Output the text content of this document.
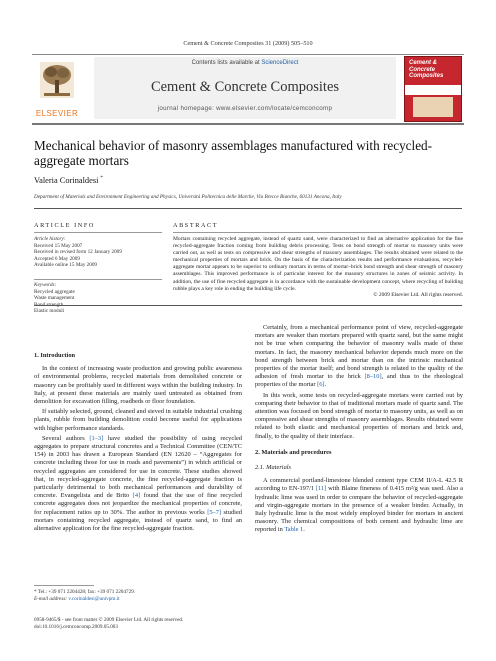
Cement & Concrete Composites 31 (2009) 505–510
ELSEVIER
Contents lists available at ScienceDirect
Cement & Concrete Composites
journal homepage: www.elsevier.com/locate/cemconcomp
Cement & Concrete Composites
Mechanical behavior of masonry assemblages manufactured with recycled-aggregate mortars
Valeria Corinaldesi *
Department of Materials and Environment Engineering and Physics, Università Politecnica delle Marche, Via Brecce Bianche, 60131 Ancona, Italy
ARTICLE INFO
Article history:
Received 15 May 2007
Received in revised form 12 January 2009
Accepted 6 May 2009
Available online 15 May 2009
Keywords:
Recycled aggregate
Waste management
Bond strength
Elastic moduli
ABSTRACT
Mortars containing recycled aggregate, instead of quartz sand, were characterized to find an alternative application for the fine recycled-aggregate fraction coming from building debris processing. Tests on bond strength of mortar to masonry units were carried out, as well as tests on compressive and shear strengths of masonry assemblages. The results obtained were related to the mechanical properties of mortars and brick. On the basis of the characterization results and performance evaluations, recycled-aggregate mortar appears to be superior to ordinary mortars in terms of mortar–brick bond strength and shear strength of masonry assemblages. This improved performance is of particular interest for the masonry structures in zones of seismic activity. In addition, the use of fine recycled aggregate is in accordance with the sustainable development concept, where recycling of building rubble plays a key role in ending the building life cycle.
© 2009 Elsevier Ltd. All rights reserved.
1. Introduction

In the context of increasing waste production and growing public awareness of environmental problems, recycled materials from demolished concrete or masonry can be profitably used in different ways within the building industry. In Italy, at present these materials are mainly used untreated as obtained from demolition for excavation filling, roadbeds or floor foundation.

If suitably selected, ground, cleaned and sieved in suitable industrial crushing plants, rubble from building demolition could become useful for applications with higher performance standards.

Several authors [1–3] have studied the possibility of using recycled aggregates to prepare structural concretes and a Technical Committee (CEN/TC 154) in 2003 has drawn a European Standard (EN 12620 – “Aggregates for concrete including those for use in roads and pavements”) in which artificial or recycled aggregates are considered for use in concrete. These studies showed that, in recycled-aggregate concrete, the fine recycled-aggregate fraction is particularly detrimental to both mechanical performances and durability of concrete. Evangelista and de Brito [4] found that the use of fine recycled concrete aggregates does not jeopardize the mechanical properties of concrete, for replacement ratios up to 30%. The author in previous works [5–7] studied mortars containing recycled aggregate, instead of quartz sand, to find an alternative application for the fine recycled-aggregate fraction.

Certainly, from a mechanical performance point of view, recycled-aggregate mortars are weaker than mortars prepared with quartz sand, but the same might not be true when comparing the behavior of masonry walls made of these mortars. In fact, the masonry mechanical behavior depends much more on the bond strength between brick and mortar than on the intrinsic mechanical properties of the mortar itself; and bond strength is related to the quality of the adhesion of fresh mortar to the brick [8–10], and thus to the rheological properties of the mortar [6].

In this work, some tests on recycled-aggregate mortars were carried out by comparing their behavior to that of traditional mortars made of quartz sand. The attention was focused on bond strength of mortar to masonry units, as well as on compressive and shear strengths of masonry assemblages. Results obtained were related to both elastic and mechanical properties of mortars and brick and, finally, to the quality of their interface.

2. Materials and procedures
2.1. Materials

A commercial portland-limestone blended cement type CEM II/A-L 42.5 R according to EN-197/1 [11] with Blaine fineness of 0.415 m²/g was used. Also a hydraulic lime was used in order to compare the behavior of recycled-aggregate and virgin-aggregate mortars in the presence of a weaker binder. Actually, in Italy hydraulic lime is the most widely employed binder for mortars in ancient masonry. The chemical compositions of both cement and hydraulic lime are reported in Table 1.

* Tel.: +39 071 2204428; fax: +39 071 2204729.
E-mail address: v.corinaldesi@univpm.it
0958-9465/$ - see front matter © 2009 Elsevier Ltd. All rights reserved.
doi:10.1016/j.cemconcomp.2009.05.003
